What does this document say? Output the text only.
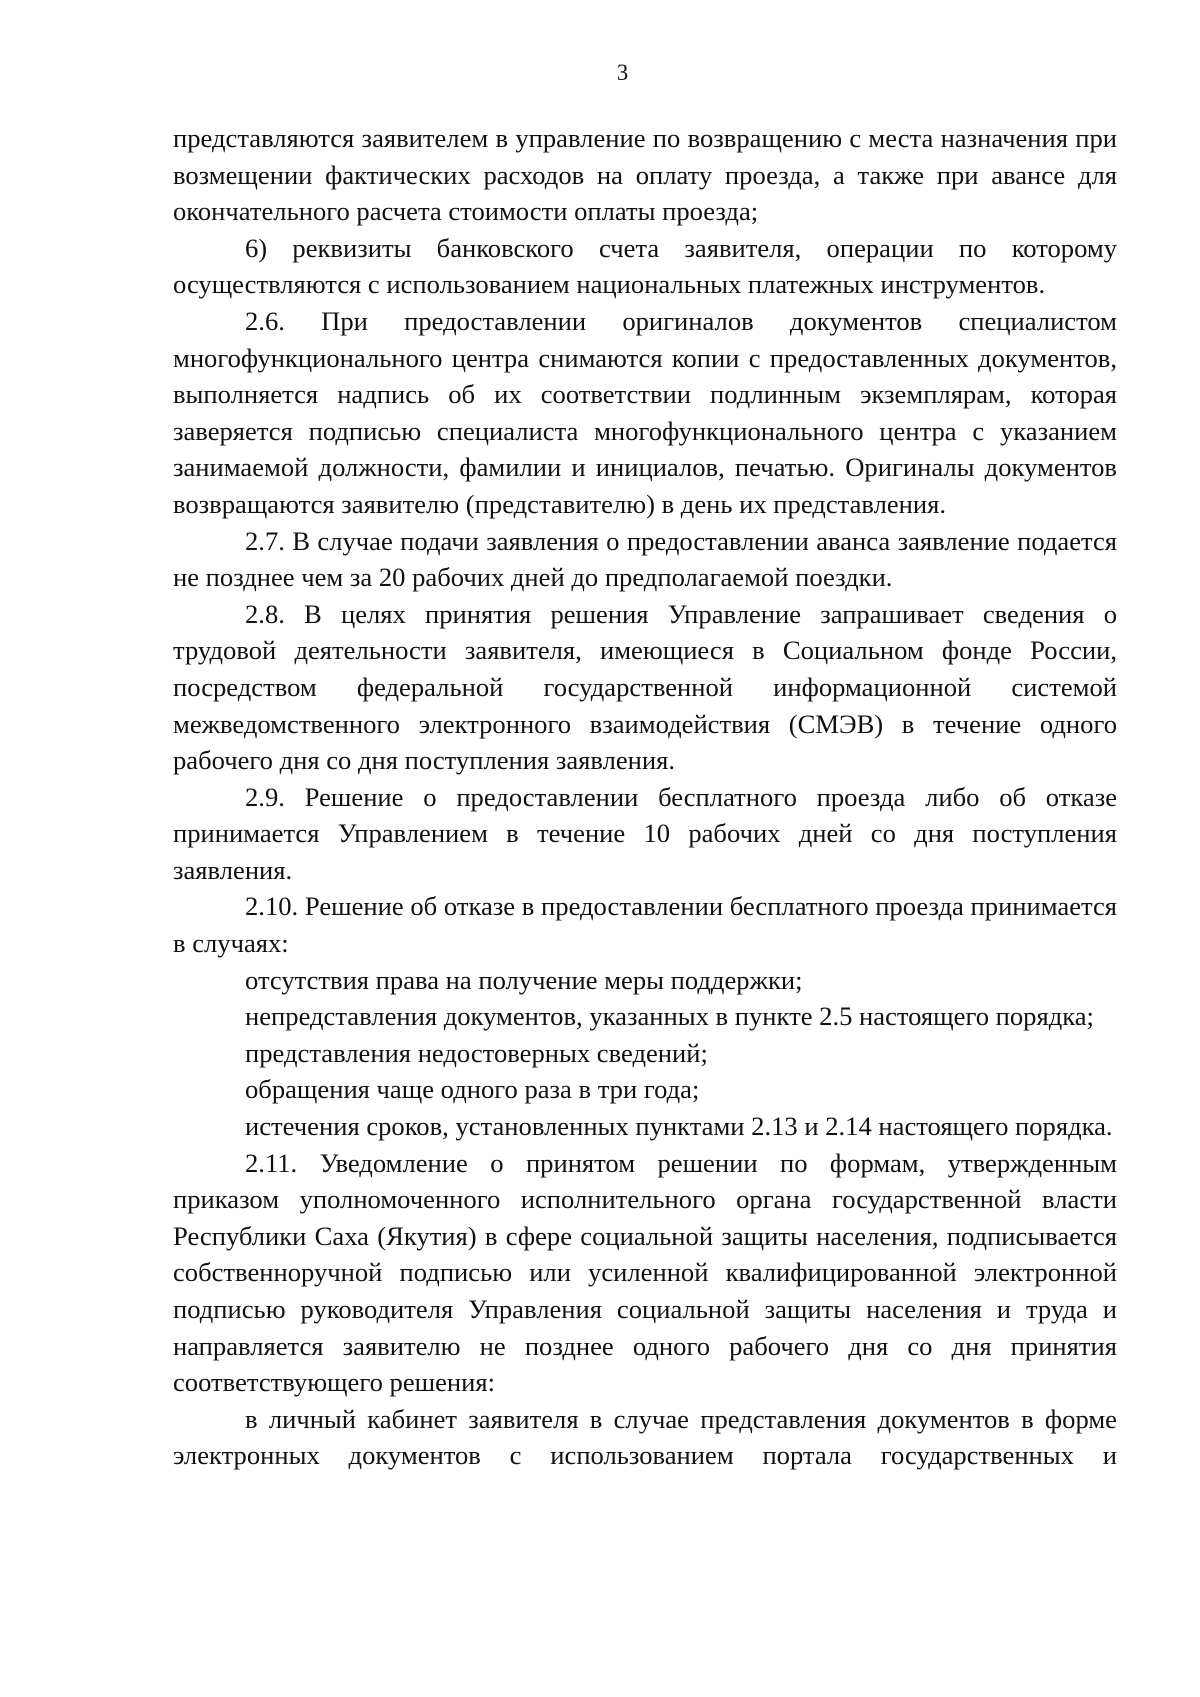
3

представляются заявителем в управление по возвращению с места назначения при возмещении фактических расходов на оплату проезда, а также при авансе для окончательного расчета стоимости оплаты проезда;

6) реквизиты банковского счета заявителя, операции по которому осуществляются с использованием национальных платежных инструментов.

2.6. При предоставлении оригиналов документов специалистом многофункционального центра снимаются копии с предоставленных документов, выполняется надпись об их соответствии подлинным экземплярам, которая заверяется подписью специалиста многофункционального центра с указанием занимаемой должности, фамилии и инициалов, печатью. Оригиналы документов возвращаются заявителю (представителю) в день их представления.

2.7. В случае подачи заявления о предоставлении аванса заявление подается не позднее чем за 20 рабочих дней до предполагаемой поездки.

2.8. В целях принятия решения Управление запрашивает сведения о трудовой деятельности заявителя, имеющиеся в Социальном фонде России, посредством федеральной государственной информационной системой межведомственного электронного взаимодействия (СМЭВ) в течение одного рабочего дня со дня поступления заявления.

2.9. Решение о предоставлении бесплатного проезда либо об отказе принимается Управлением в течение 10 рабочих дней со дня поступления заявления.

2.10. Решение об отказе в предоставлении бесплатного проезда принимается в случаях:

отсутствия права на получение меры поддержки;

непредставления документов, указанных в пункте 2.5 настоящего порядка;

представления недостоверных сведений;

обращения чаще одного раза в три года;

истечения сроков, установленных пунктами 2.13 и 2.14 настоящего порядка.

2.11. Уведомление о принятом решении по формам, утвержденным приказом уполномоченного исполнительного органа государственной власти Республики Саха (Якутия) в сфере социальной защиты населения, подписывается собственноручной подписью или усиленной квалифицированной электронной подписью руководителя Управления социальной защиты населения и труда и направляется заявителю не позднее одного рабочего дня со дня принятия соответствующего решения:

в личный кабинет заявителя в случае представления документов в форме электронных документов с использованием портала государственных и
